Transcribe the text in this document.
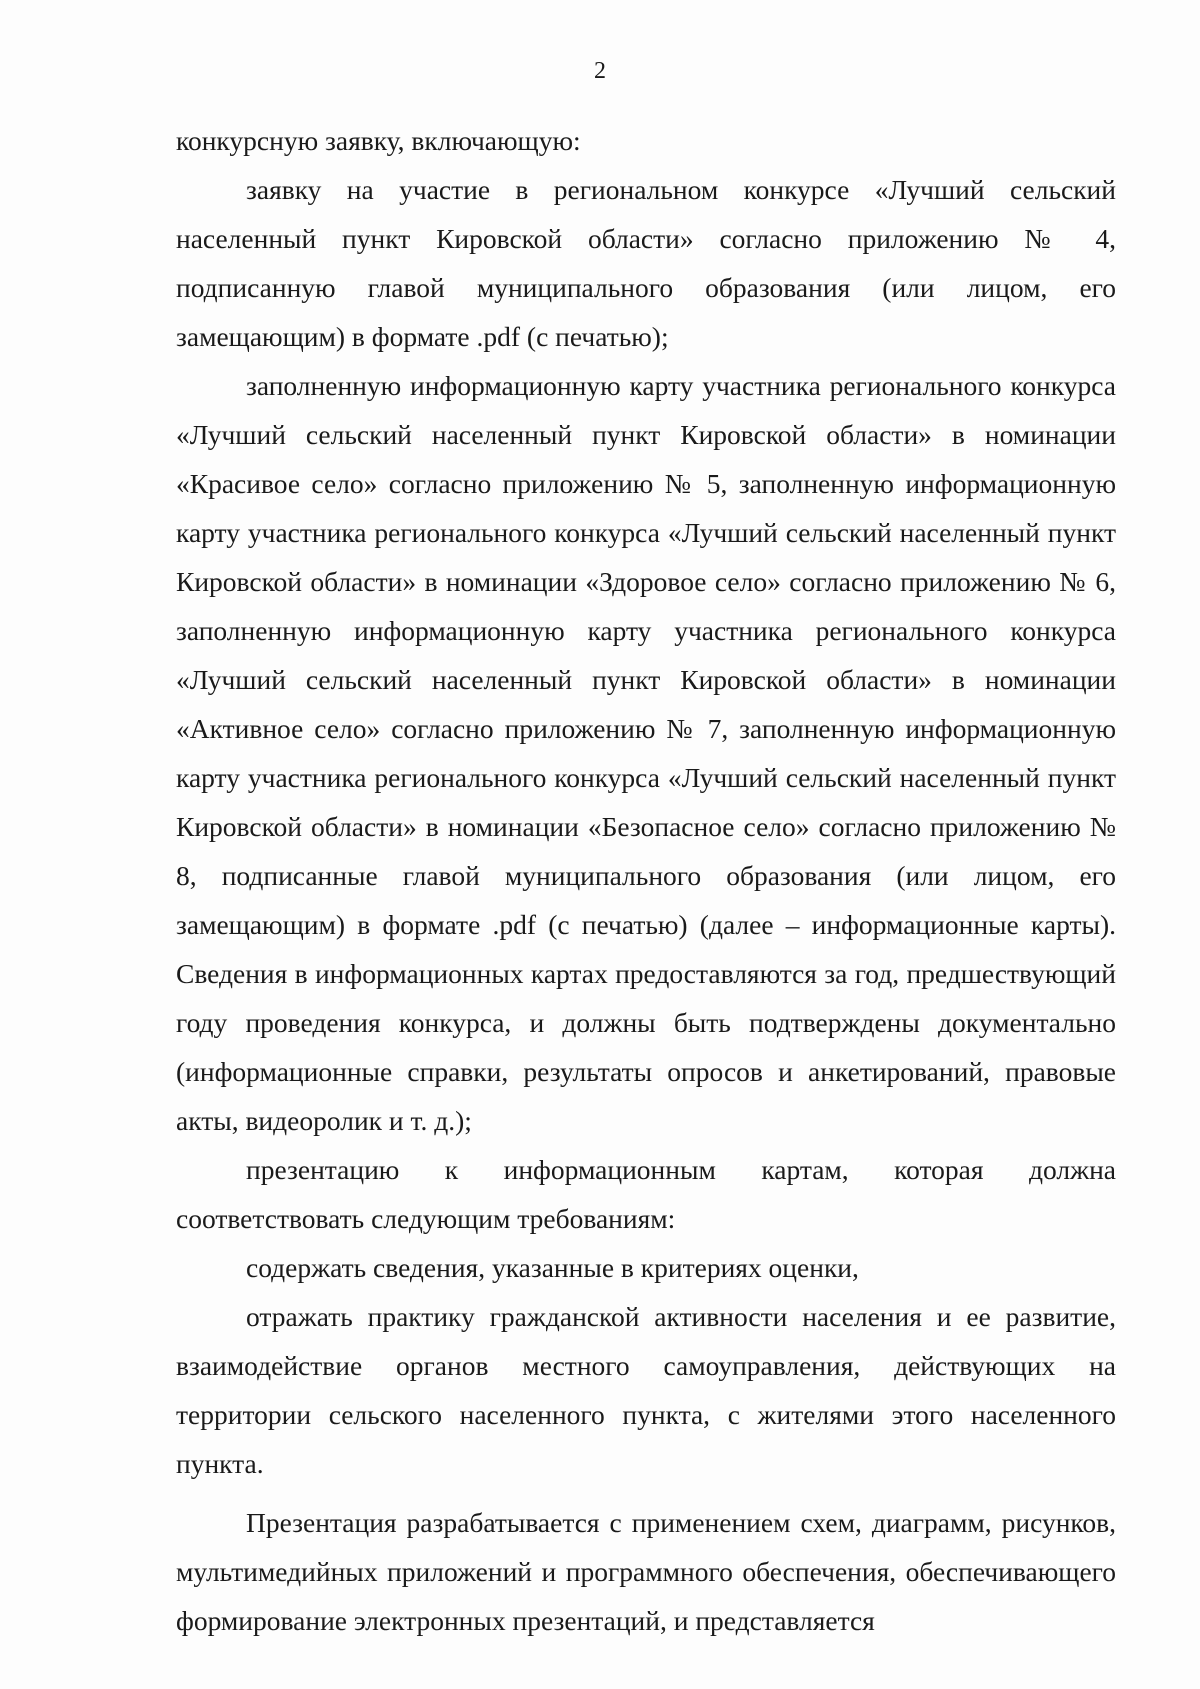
2

конкурсную заявку, включающую:

заявку на участие в региональном конкурсе «Лучший сельский населенный пункт Кировской области» согласно приложению № 4, подписанную главой муниципального образования (или лицом, его замещающим) в формате .pdf (с печатью);

заполненную информационную карту участника регионального конкурса «Лучший сельский населенный пункт Кировской области» в номинации «Красивое село» согласно приложению № 5, заполненную информационную карту участника регионального конкурса «Лучший сельский населенный пункт Кировской области» в номинации «Здоровое село» согласно приложению № 6, заполненную информационную карту участника регионального конкурса «Лучший сельский населенный пункт Кировской области» в номинации «Активное село» согласно приложению № 7, заполненную информационную карту участника регионального конкурса «Лучший сельский населенный пункт Кировской области» в номинации «Безопасное село» согласно приложению № 8, подписанные главой муниципального образования (или лицом, его замещающим) в формате .pdf (с печатью) (далее – информационные карты). Сведения в информационных картах предоставляются за год, предшествующий году проведения конкурса, и должны быть подтверждены документально (информационные справки, результаты опросов и анкетирований, правовые акты, видеоролик и т. д.);

презентацию к информационным картам, которая должна соответствовать следующим требованиям:

содержать сведения, указанные в критериях оценки,

отражать практику гражданской активности населения и ее развитие, взаимодействие органов местного самоуправления, действующих на территории сельского населенного пункта, с жителями этого населенного пункта.

Презентация разрабатывается с применением схем, диаграмм, рисунков, мультимедийных приложений и программного обеспечения, обеспечивающего формирование электронных презентаций, и представляется
